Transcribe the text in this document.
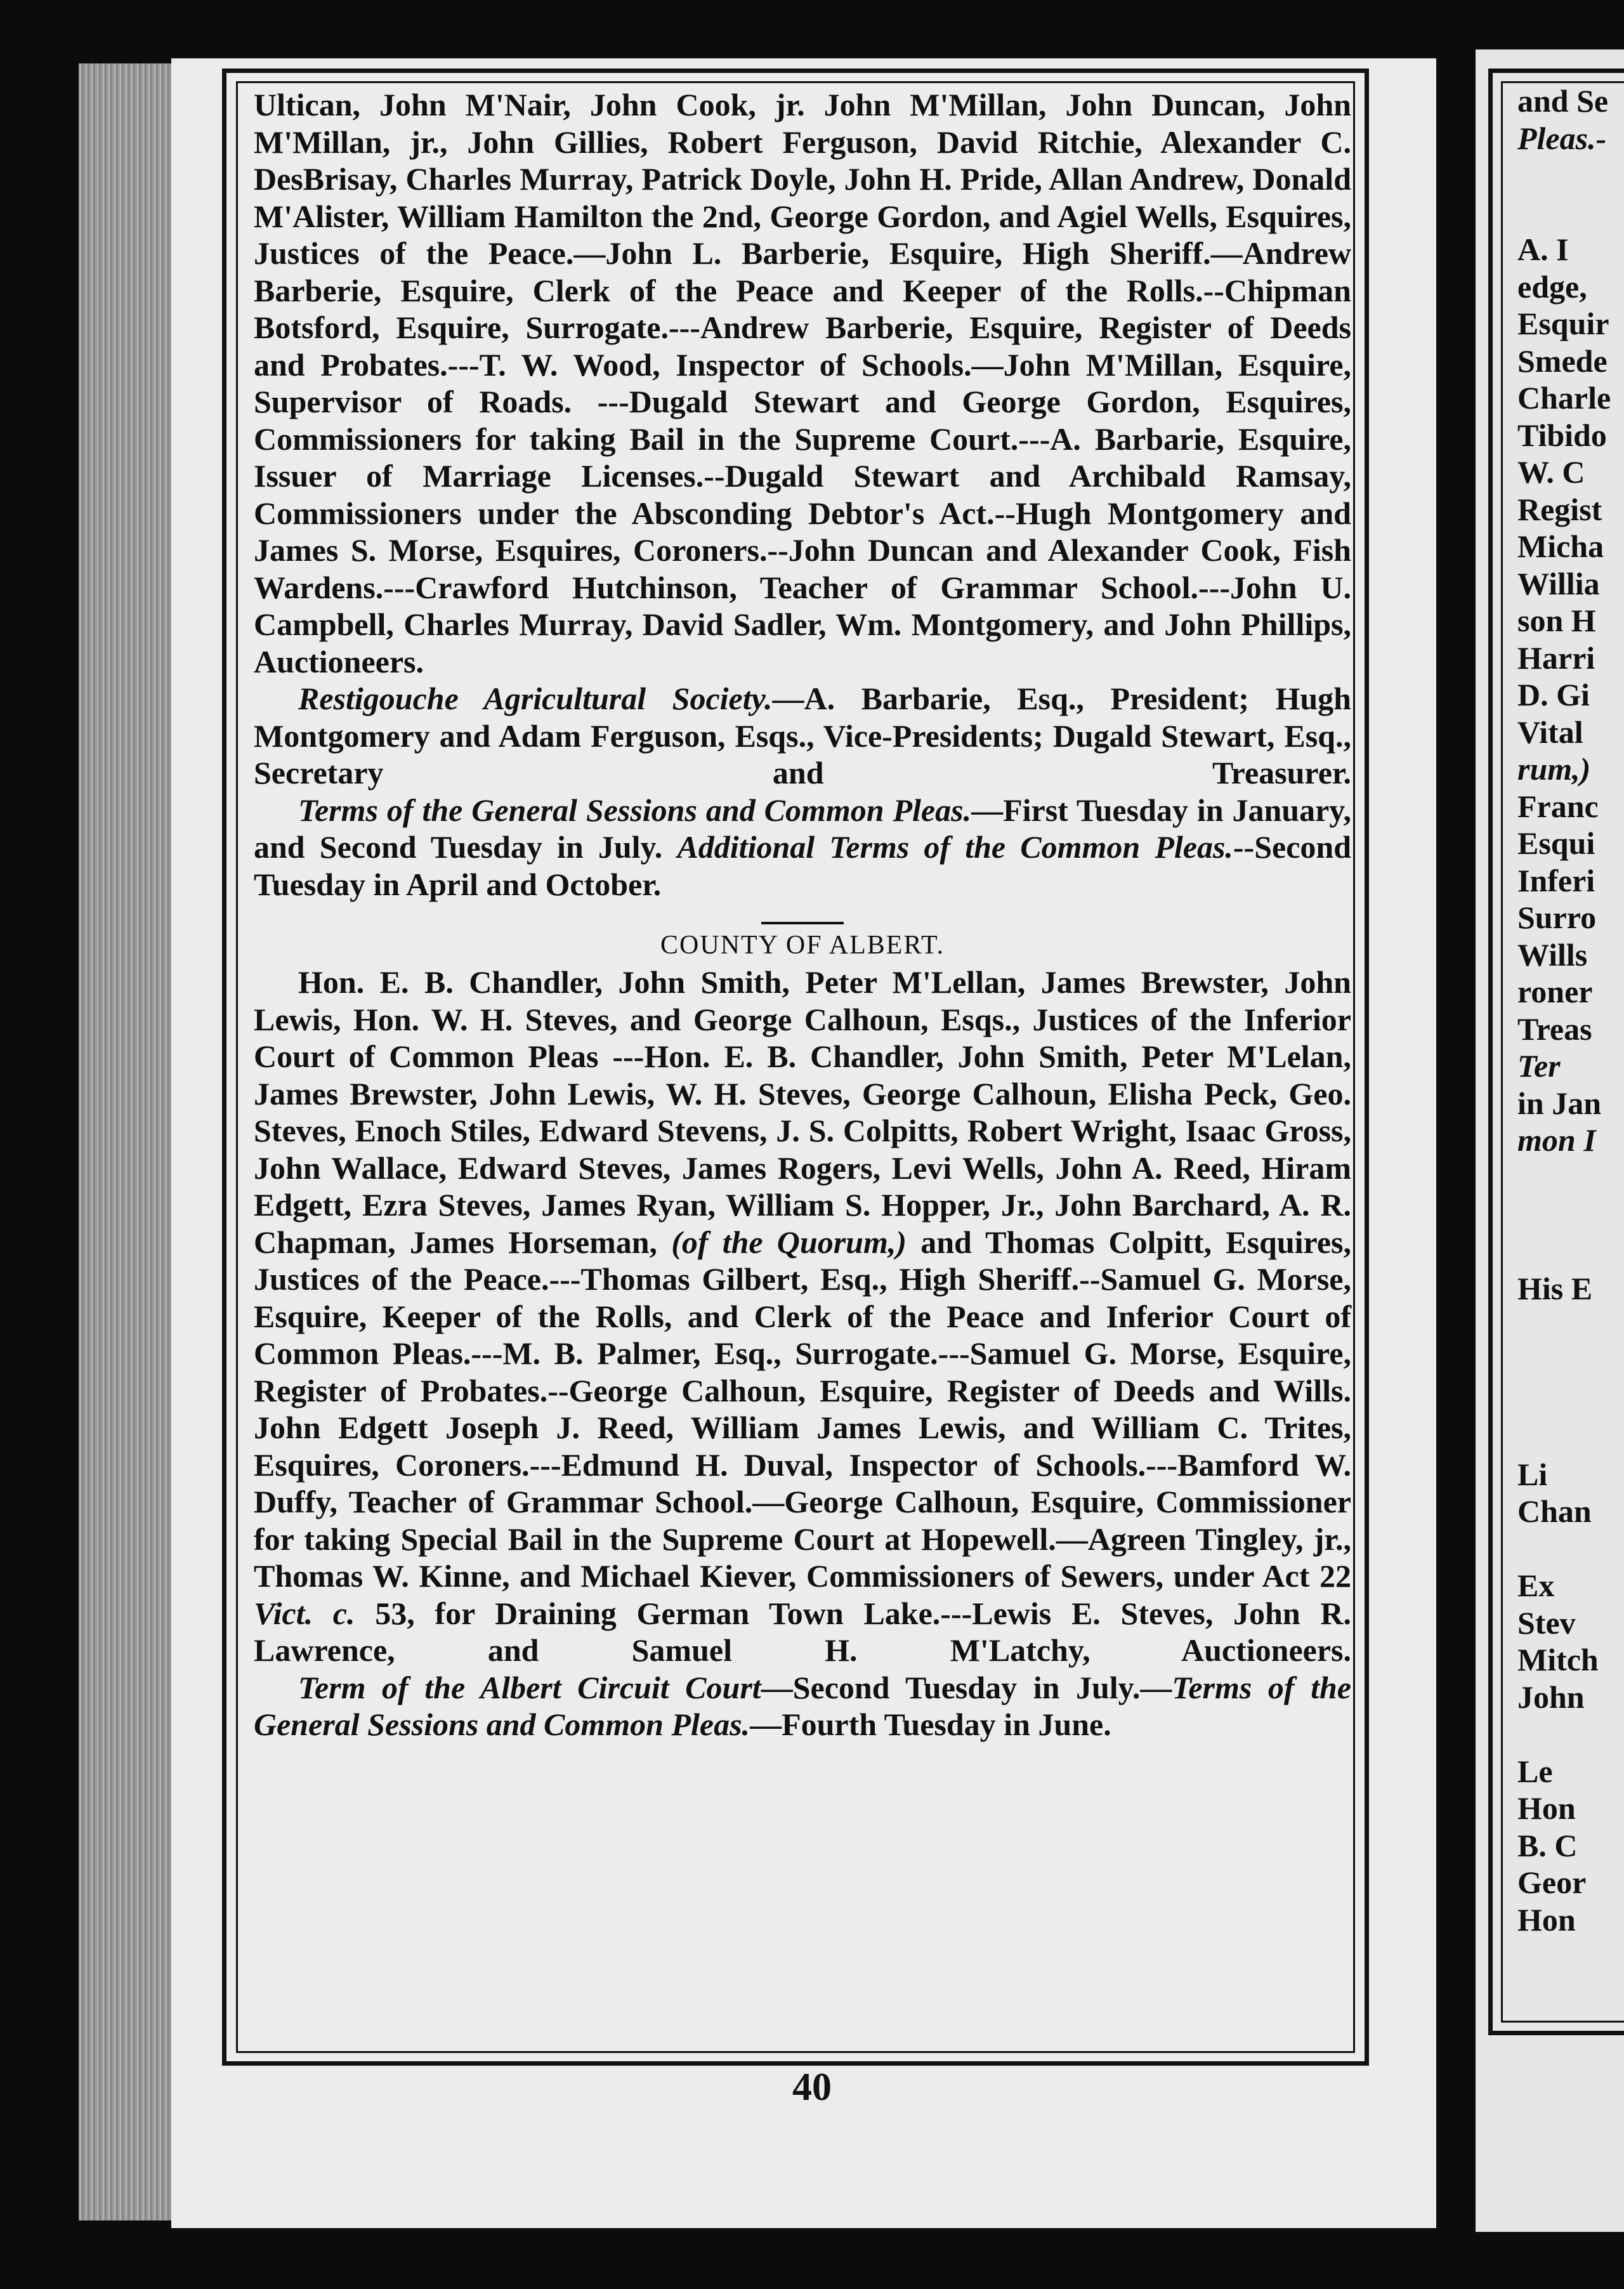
and Se
Pleas.-

A. I
edge,
Esquir
Smede
Charle
Tibido
W. C
Regist
Micha
Willia
son H
Harri
D. Gi
Vital
rum,)
Franc
Esqui
Inferi
Surro
Wills
roner
Treas
Ter
in Jan
mon I

His E

Li
Chan

Ex
Stev
Mitch
John

Le
Hon
B. C
Geor
Hon

Ultican, John M'Nair, John Cook, jr. John M'Millan, John Duncan, John M'Millan, jr., John Gillies, Robert Ferguson, David Ritchie, Alexander C. DesBrisay, Charles Murray, Patrick Doyle, John H. Pride, Allan Andrew, Donald M'Alister, William Hamilton the 2nd, George Gordon, and Agiel Wells, Esquires, Justices of the Peace.—John L. Barberie, Esquire, High Sheriff.—Andrew Barberie, Esquire, Clerk of the Peace and Keeper of the Rolls.--Chipman Botsford, Esquire, Surrogate.---Andrew Barberie, Esquire, Register of Deeds and Probates.---T. W. Wood, Inspector of Schools.—John M'Millan, Esquire, Supervisor of Roads. ---Dugald Stewart and George Gordon, Esquires, Commissioners for taking Bail in the Supreme Court.---A. Barbarie, Esquire, Issuer of Marriage Licenses.--Dugald Stewart and Archibald Ramsay, Commissioners under the Absconding Debtor's Act.--Hugh Montgomery and James S. Morse, Esquires, Coroners.--John Duncan and Alexander Cook, Fish Wardens.---Crawford Hutchinson, Teacher of Grammar School.---John U. Campbell, Charles Murray, David Sadler, Wm. Montgomery, and John Phillips, Auctioneers.

Restigouche Agricultural Society.—A. Barbarie, Esq., President; Hugh Montgomery and Adam Ferguson, Esqs., Vice-Presidents; Dugald Stewart, Esq., Secretary and Treasurer.

Terms of the General Sessions and Common Pleas.—First Tuesday in January, and Second Tuesday in July. Additional Terms of the Common Pleas.--Second Tuesday in April and October.

COUNTY OF ALBERT.

Hon. E. B. Chandler, John Smith, Peter M'Lellan, James Brewster, John Lewis, Hon. W. H. Steves, and George Calhoun, Esqs., Justices of the Inferior Court of Common Pleas ---Hon. E. B. Chandler, John Smith, Peter M'Lelan, James Brewster, John Lewis, W. H. Steves, George Calhoun, Elisha Peck, Geo. Steves, Enoch Stiles, Edward Stevens, J. S. Colpitts, Robert Wright, Isaac Gross, John Wallace, Edward Steves, James Rogers, Levi Wells, John A. Reed, Hiram Edgett, Ezra Steves, James Ryan, William S. Hopper, Jr., John Barchard, A. R. Chapman, James Horseman, (of the Quorum,) and Thomas Colpitt, Esquires, Justices of the Peace.---Thomas Gilbert, Esq., High Sheriff.--Samuel G. Morse, Esquire, Keeper of the Rolls, and Clerk of the Peace and Inferior Court of Common Pleas.---M. B. Palmer, Esq., Surrogate.---Samuel G. Morse, Esquire, Register of Probates.--George Calhoun, Esquire, Register of Deeds and Wills. John Edgett Joseph J. Reed, William James Lewis, and William C. Trites, Esquires, Coroners.---Edmund H. Duval, Inspector of Schools.---Bamford W. Duffy, Teacher of Grammar School.—George Calhoun, Esquire, Commissioner for taking Special Bail in the Supreme Court at Hopewell.—Agreen Tingley, jr., Thomas W. Kinne, and Michael Kiever, Commissioners of Sewers, under Act 22 Vict. c. 53, for Draining German Town Lake.---Lewis E. Steves, John R. Lawrence, and Samuel H. M'Latchy, Auctioneers.

Term of the Albert Circuit Court—Second Tuesday in July.—Terms of the General Sessions and Common Pleas.—Fourth Tuesday in June.

40
